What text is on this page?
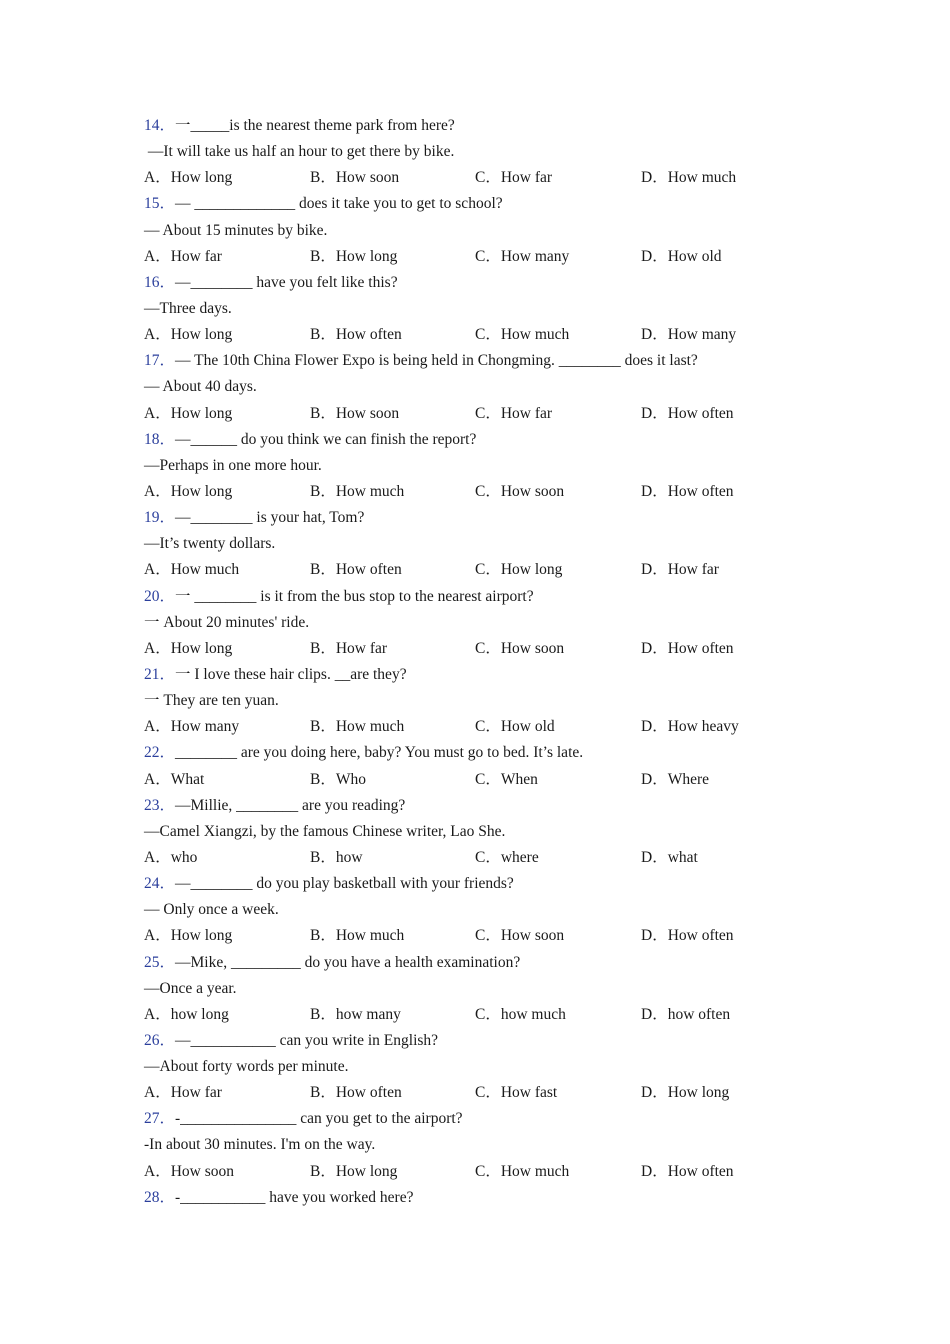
14．一_____is the nearest theme park from here?
—It will take us half an hour to get there by bike.
A．How long	B．How soon	C．How far	D．How much
15．— _____________ does it take you to get to school?
— About 15 minutes by bike.
A．How far	B．How long	C．How many	D．How old
16．—________ have you felt like this?
—Three days.
A．How long	B．How often	C．How much	D．How many
17．— The 10th China Flower Expo is being held in Chongming. ________ does it last?
— About 40 days.
A．How long	B．How soon	C．How far	D．How often
18．—______ do you think we can finish the report?
—Perhaps in one more hour.
A．How long	B．How much	C．How soon	D．How often
19．—________ is your hat, Tom?
—It’s twenty dollars.
A．How much	B．How often	C．How long	D．How far
20．一 ________ is it from the bus stop to the nearest airport?
一 About 20 minutes' ride.
A．How long	B．How far	C．How soon	D．How often
21．一 I love these hair clips. __are they?
一 They are ten yuan.
A．How many	B．How much	C．How old	D．How heavy
22．________ are you doing here, baby? You must go to bed. It’s late.
A．What	B．Who	C．When	D．Where
23．—Millie, ________ are you reading?
—Camel Xiangzi, by the famous Chinese writer, Lao She.
A．who	B．how	C．where	D．what
24．—________ do you play basketball with your friends?
— Only once a week.
A．How long	B．How much	C．How soon	D．How often
25．—Mike, _________ do you have a health examination?
—Once a year.
A．how long	B．how many	C．how much	D．how often
26．—___________ can you write in English?
—About forty words per minute.
A．How far	B．How often	C．How fast	D．How long
27．-_______________ can you get to the airport?
-In about 30 minutes. I'm on the way.
A．How soon	B．How long	C．How much	D．How often
28．-___________ have you worked here?
